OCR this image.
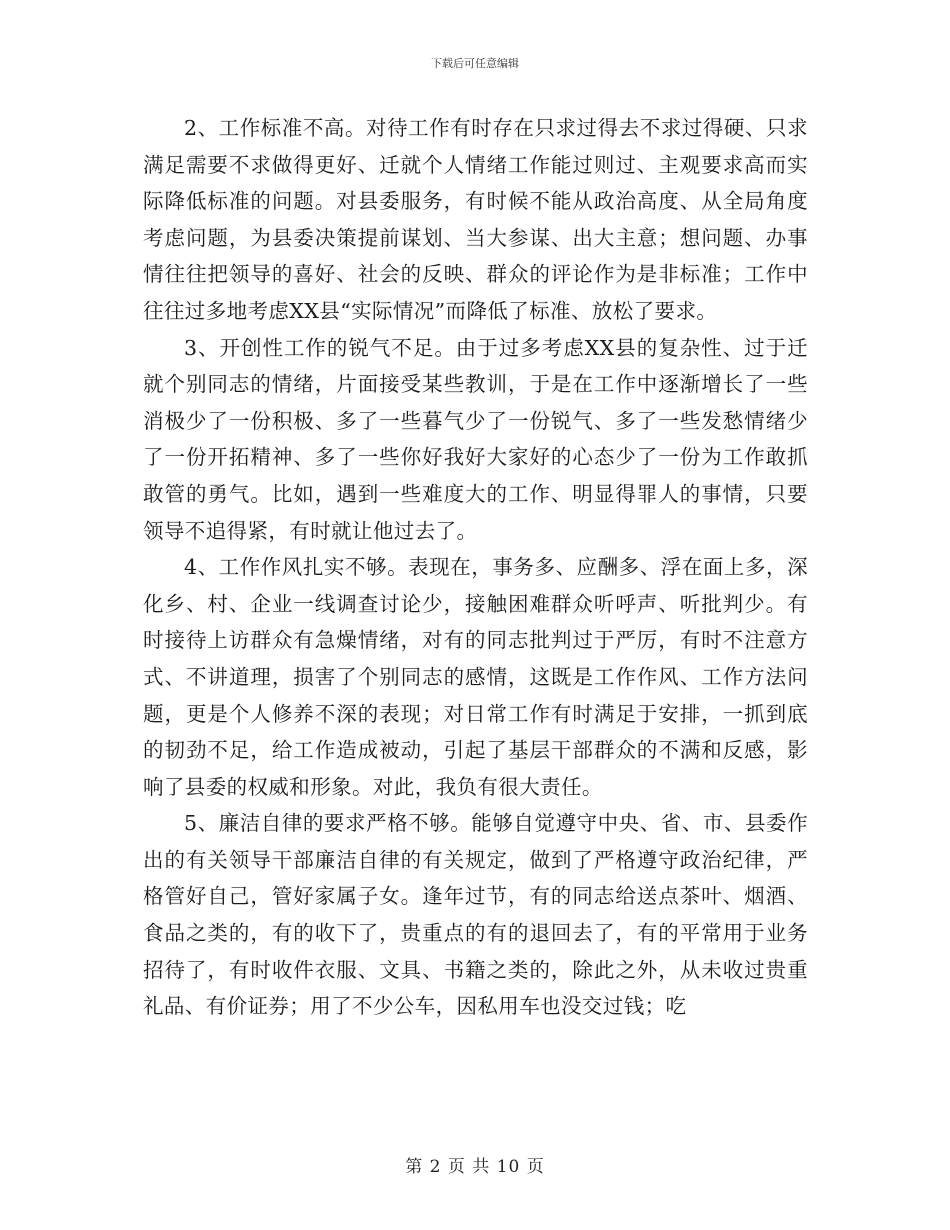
下载后可任意编辑

2、工作标准不高。对待工作有时存在只求过得去不求过得硬、只求满足需要不求做得更好、迁就个人情绪工作能过则过、主观要求高而实际降低标准的问题。对县委服务，有时候不能从政治高度、从全局角度考虑问题，为县委决策提前谋划、当大参谋、出大主意；想问题、办事情往往把领导的喜好、社会的反映、群众的评论作为是非标准；工作中往往过多地考虑XX县“实际情况”而降低了标准、放松了要求。

3、开创性工作的锐气不足。由于过多考虑XX县的复杂性、过于迁就个别同志的情绪，片面接受某些教训，于是在工作中逐渐增长了一些消极少了一份积极、多了一些暮气少了一份锐气、多了一些发愁情绪少了一份开拓精神、多了一些你好我好大家好的心态少了一份为工作敢抓敢管的勇气。比如，遇到一些难度大的工作、明显得罪人的事情，只要领导不追得紧，有时就让他过去了。

4、工作作风扎实不够。表现在，事务多、应酬多、浮在面上多，深化乡、村、企业一线调查讨论少，接触困难群众听呼声、听批判少。有时接待上访群众有急燥情绪，对有的同志批判过于严厉，有时不注意方式、不讲道理，损害了个别同志的感情，这既是工作作风、工作方法问题，更是个人修养不深的表现；对日常工作有时满足于安排，一抓到底的韧劲不足，给工作造成被动，引起了基层干部群众的不满和反感，影响了县委的权威和形象。对此，我负有很大责任。

5、廉洁自律的要求严格不够。能够自觉遵守中央、省、市、县委作出的有关领导干部廉洁自律的有关规定，做到了严格遵守政治纪律，严格管好自己，管好家属子女。逢年过节，有的同志给送点茶叶、烟酒、食品之类的，有的收下了，贵重点的有的退回去了，有的平常用于业务招待了，有时收件衣服、文具、书籍之类的，除此之外，从未收过贵重礼品、有价证券；用了不少公车，因私用车也没交过钱；吃

第 2 页 共 10 页
